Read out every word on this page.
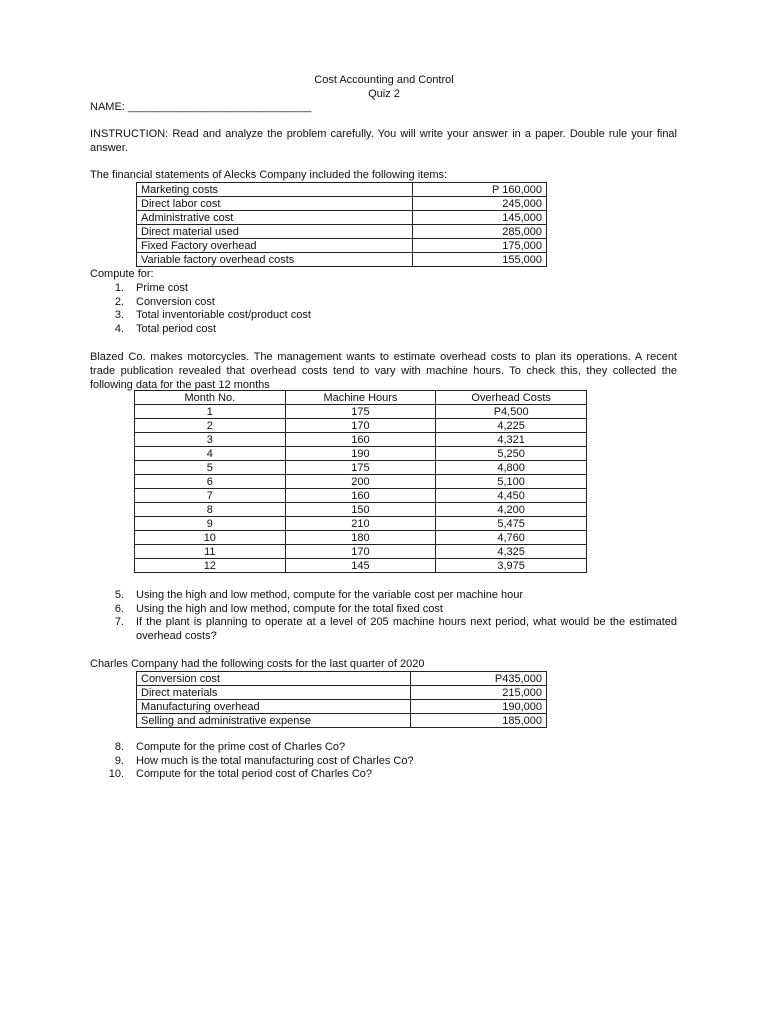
Cost Accounting and Control
Quiz 2
NAME: ______________________________
INSTRUCTION: Read and analyze the problem carefully. You will write your answer in a paper. Double rule your final answer.
The financial statements of Alecks Company included the following items:
Marketing costs	P 160,000
Direct labor cost	245,000
Administrative cost	145,000
Direct material used	285,000
Fixed Factory overhead	175,000
Variable factory overhead costs	155,000
Compute for:
1. Prime cost
2. Conversion cost
3. Total inventoriable cost/product cost
4. Total period cost
Blazed Co. makes motorcycles. The management wants to estimate overhead costs to plan its operations. A recent trade publication revealed that overhead costs tend to vary with machine hours. To check this, they collected the following data for the past 12 months
Month No.	Machine Hours	Overhead Costs
1	175	P4,500
2	170	4,225
3	160	4,321
4	190	5,250
5	175	4,800
6	200	5,100
7	160	4,450
8	150	4,200
9	210	5,475
10	180	4,760
11	170	4,325
12	145	3,975
5. Using the high and low method, compute for the variable cost per machine hour
6. Using the high and low method, compute for the total fixed cost
7. If the plant is planning to operate at a level of 205 machine hours next period, what would be the estimated overhead costs?
Charles Company had the following costs for the last quarter of 2020
Conversion cost	P435,000
Direct materials	215,000
Manufacturing overhead	190,000
Selling and administrative expense	185,000
8. Compute for the prime cost of Charles Co?
9. How much is the total manufacturing cost of Charles Co?
10. Compute for the total period cost of Charles Co?
